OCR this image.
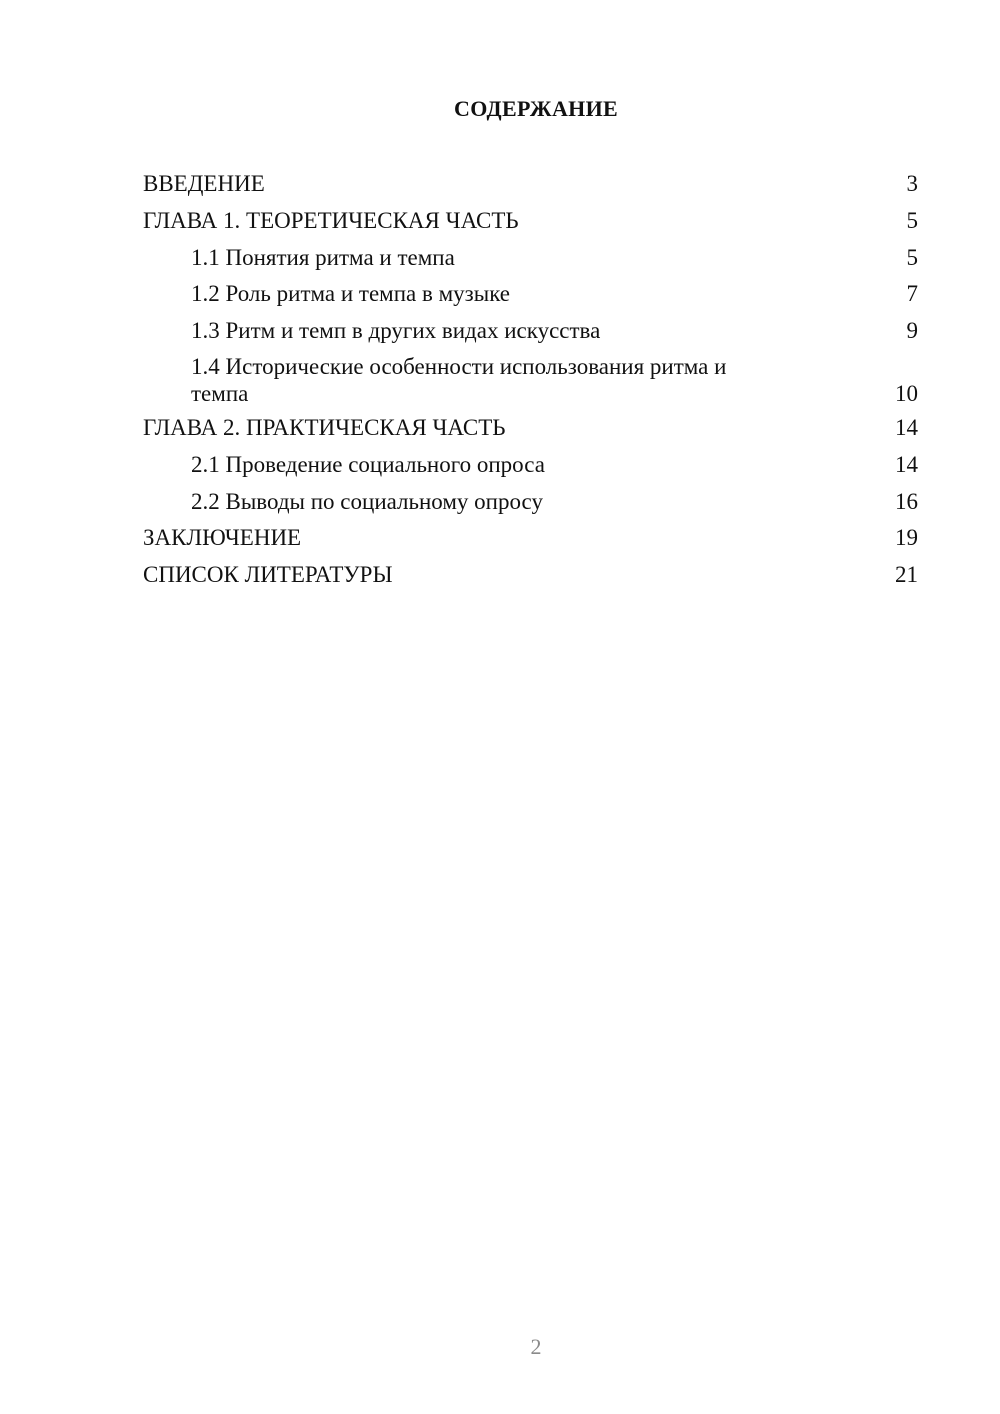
СОДЕРЖАНИЕ
ВВЕДЕНИЕ	3
ГЛАВА 1. ТЕОРЕТИЧЕСКАЯ ЧАСТЬ	5
1.1 Понятия ритма и темпа	5
1.2 Роль ритма и темпа в музыке	7
1.3 Ритм и темп в других видах искусства	9
1.4 Исторические особенности использования ритма и темпа	10
ГЛАВА 2. ПРАКТИЧЕСКАЯ ЧАСТЬ	14
2.1 Проведение социального опроса	14
2.2 Выводы по социальному опросу	16
ЗАКЛЮЧЕНИЕ	19
СПИСОК ЛИТЕРАТУРЫ	21
2
